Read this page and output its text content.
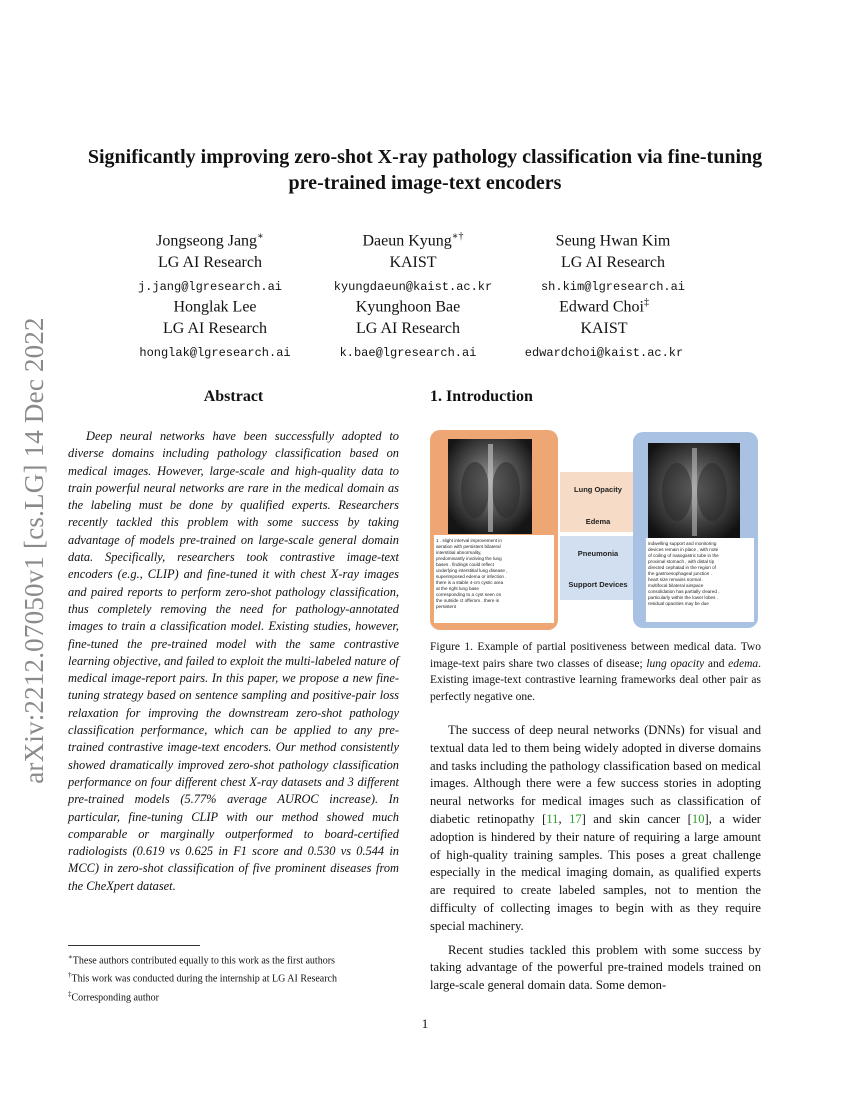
arXiv:2212.07050v1 [cs.LG] 14 Dec 2022
Significantly improving zero-shot X-ray pathology classification via fine-tuning
pre-trained image-text encoders
Jongseong Jang∗
LG AI Research
j.jang@lgresearch.ai
Daeun Kyung∗†
KAIST
kyungdaeun@kaist.ac.kr
Seung Hwan Kim
LG AI Research
sh.kim@lgresearch.ai
Honglak Lee
LG AI Research
honglak@lgresearch.ai
Kyunghoon Bae
LG AI Research
k.bae@lgresearch.ai
Edward Choi‡
KAIST
edwardchoi@kaist.ac.kr
Abstract

Deep neural networks have been successfully adopted to diverse domains including pathology classification based on medical images. However, large-scale and high-quality data to train powerful neural networks are rare in the medical domain as the labeling must be done by qualified experts. Researchers recently tackled this problem with some success by taking advantage of models pre-trained on large-scale general domain data. Specifically, researchers took contrastive image-text encoders (e.g., CLIP) and fine-tuned it with chest X-ray images and paired reports to perform zero-shot pathology classification, thus completely removing the need for pathology-annotated images to train a classification model. Existing studies, however, fine-tuned the pre-trained model with the same contrastive learning objective, and failed to exploit the multi-labeled nature of medical image-report pairs. In this paper, we propose a new fine-tuning strategy based on sentence sampling and positive-pair loss relaxation for improving the downstream zero-shot pathology classification performance, which can be applied to any pre-trained contrastive image-text encoders. Our method consistently showed dramatically improved zero-shot pathology classification performance on four different chest X-ray datasets and 3 different pre-trained models (5.77% average AUROC increase). In particular, fine-tuning CLIP with our method showed much comparable or marginally outperformed to board-certified radiologists (0.619 vs 0.625 in F1 score and 0.530 vs 0.544 in MCC) in zero-shot classification of five prominent diseases from the CheXpert dataset.

∗These authors contributed equally to this work as the first authors
†This work was conducted during the internship at LG AI Research
‡Corresponding author
1. Introduction
1 . slight interval improvement in
aeration with persistent bilateral
interstitial abnormality,
predominantly involving the lung
bases . findings could reflect
underlying interstitial lung disease ,
superimposed edema or infection .
there is a stable 4-cm cystic area
at the right lung base
corresponding to a cyst seen on
the outside ct offerom . there is
persistent
Lung Opacity
Edema
Pneumonia
Support Devices
indwelling support and monitoring
devices remain in place , with note
of coiling of nasogastric tube in the
proximal stomach , with distal tip
directed cephalad in the region of
the gastroesophageal junction .
heart size remains normal .
multifocal bilateral airspace
consolidation has partially cleared ,
particularly within the lower lobes .
residual opacities may be due

Figure 1. Example of partial positiveness between medical data. Two image-text pairs share two classes of disease; lung opacity and edema. Existing image-text contrastive learning frameworks deal other pair as perfectly negative one.

The success of deep neural networks (DNNs) for visual and textual data led to them being widely adopted in diverse domains and tasks including the pathology classification based on medical images. Although there were a few success stories in adopting neural networks for medical images such as classification of diabetic retinopathy [11, 17] and skin cancer [10], a wider adoption is hindered by their nature of requiring a large amount of high-quality training samples. This poses a great challenge especially in the medical imaging domain, as qualified experts are required to create labeled samples, not to mention the difficulty of collecting images to begin with as they require special machinery.

Recent studies tackled this problem with some success by taking advantage of the powerful pre-trained models trained on large-scale general domain data. Some demon-

1
